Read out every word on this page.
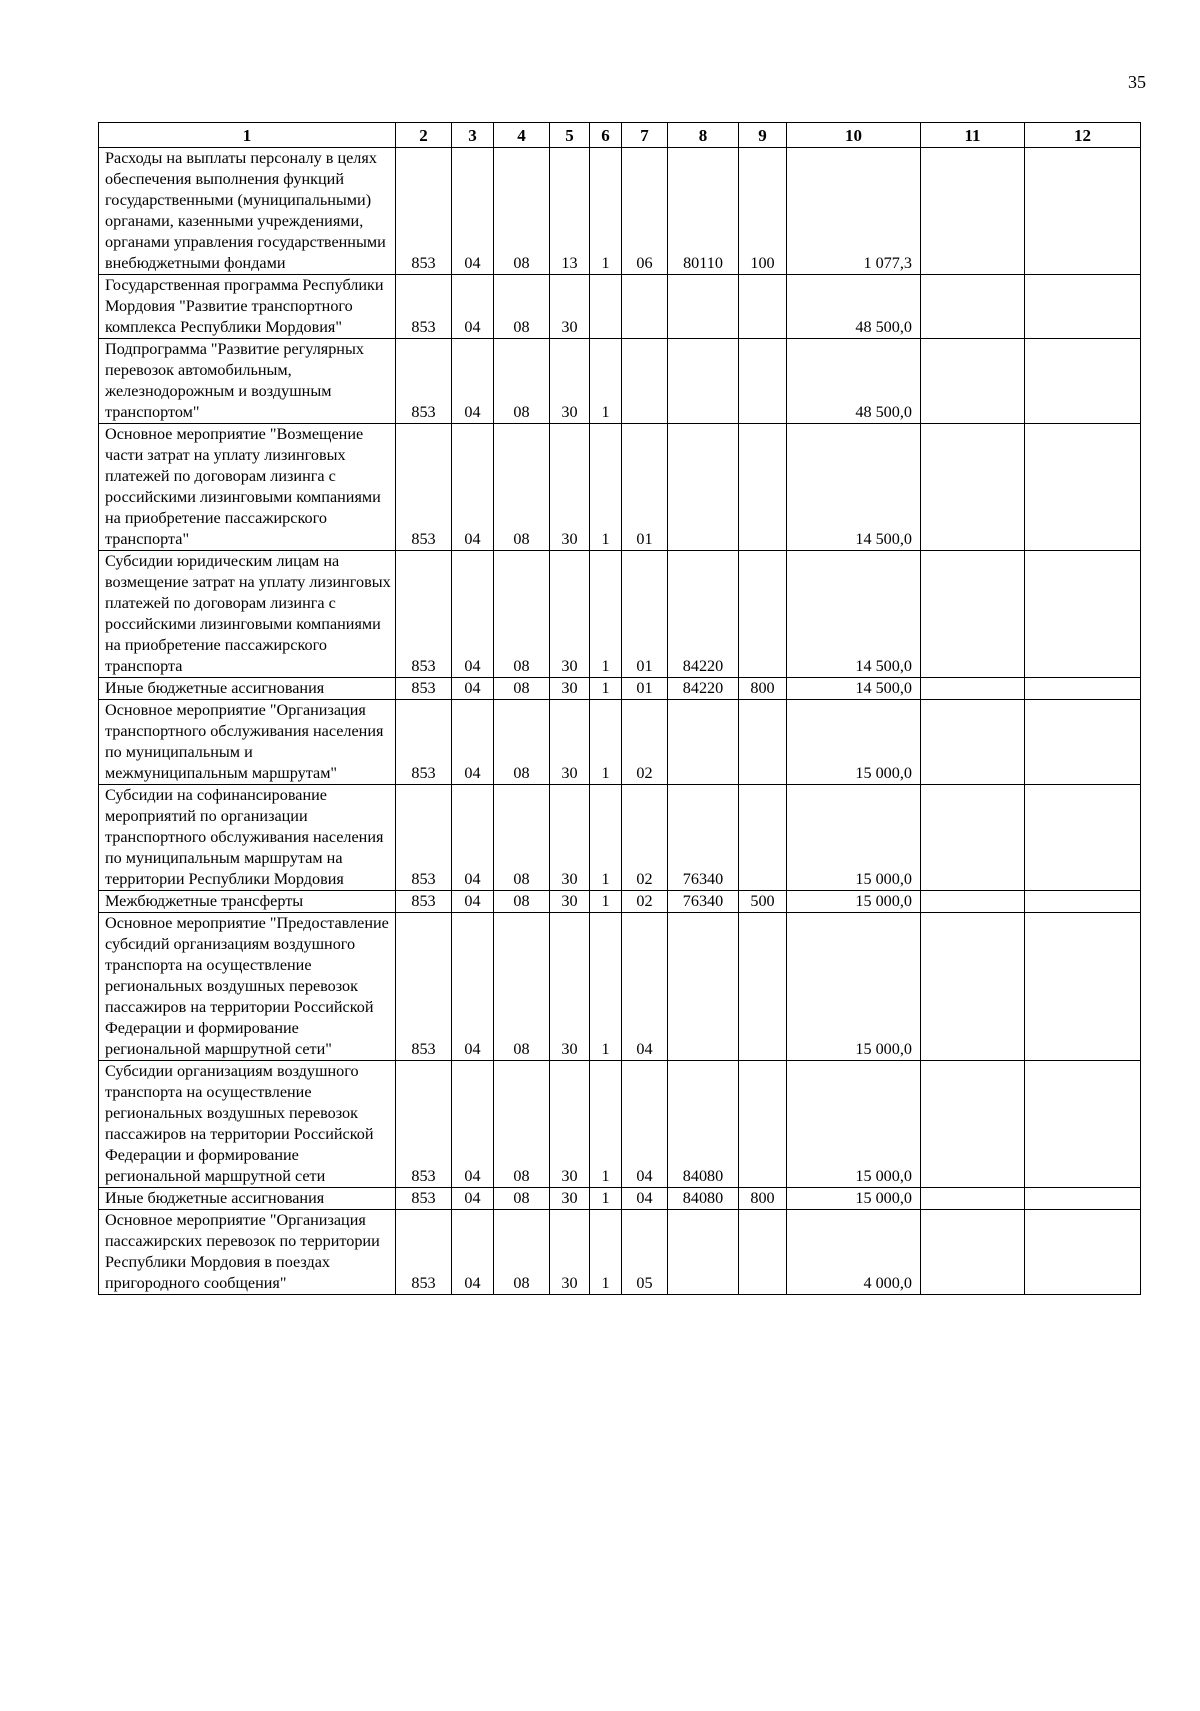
35
1	2	3	4	5	6	7	8	9	10	11	12
Расходы на выплаты персоналу в целях обеспечения выполнения функций государственными (муниципальными) органами, казенными учреждениями, органами управления государственными внебюджетными фондами	853	04	08	13	1	06	80110	100	1 077,3		
Государственная программа Республики Мордовия "Развитие транспортного комплекса Республики Мордовия"	853	04	08	30					48 500,0		
Подпрограмма "Развитие регулярных перевозок автомобильным, железнодорожным и воздушным транспортом"	853	04	08	30	1				48 500,0		
Основное мероприятие "Возмещение части затрат на уплату лизинговых платежей по договорам лизинга с российскими лизинговыми компаниями на приобретение пассажирского транспорта"	853	04	08	30	1	01			14 500,0		
Субсидии юридическим лицам на возмещение затрат на уплату лизинговых платежей по договорам лизинга с российскими лизинговыми компаниями на приобретение пассажирского транспорта	853	04	08	30	1	01	84220		14 500,0		
Иные бюджетные ассигнования	853	04	08	30	1	01	84220	800	14 500,0		
Основное мероприятие "Организация транспортного обслуживания населения по муниципальным и межмуниципальным маршрутам"	853	04	08	30	1	02			15 000,0		
Субсидии на софинансирование мероприятий по организации транспортного обслуживания населения по муниципальным маршрутам на территории Республики Мордовия	853	04	08	30	1	02	76340		15 000,0		
Межбюджетные трансферты	853	04	08	30	1	02	76340	500	15 000,0		
Основное мероприятие "Предоставление субсидий организациям воздушного транспорта на осуществление региональных воздушных перевозок пассажиров на территории Российской Федерации и формирование региональной маршрутной сети"	853	04	08	30	1	04			15 000,0		
Субсидии организациям воздушного транспорта на осуществление региональных воздушных перевозок пассажиров на территории Российской Федерации и формирование региональной маршрутной сети	853	04	08	30	1	04	84080		15 000,0		
Иные бюджетные ассигнования	853	04	08	30	1	04	84080	800	15 000,0		
Основное мероприятие "Организация пассажирских перевозок по территории Республики Мордовия в поездах пригородного сообщения"	853	04	08	30	1	05			4 000,0		
